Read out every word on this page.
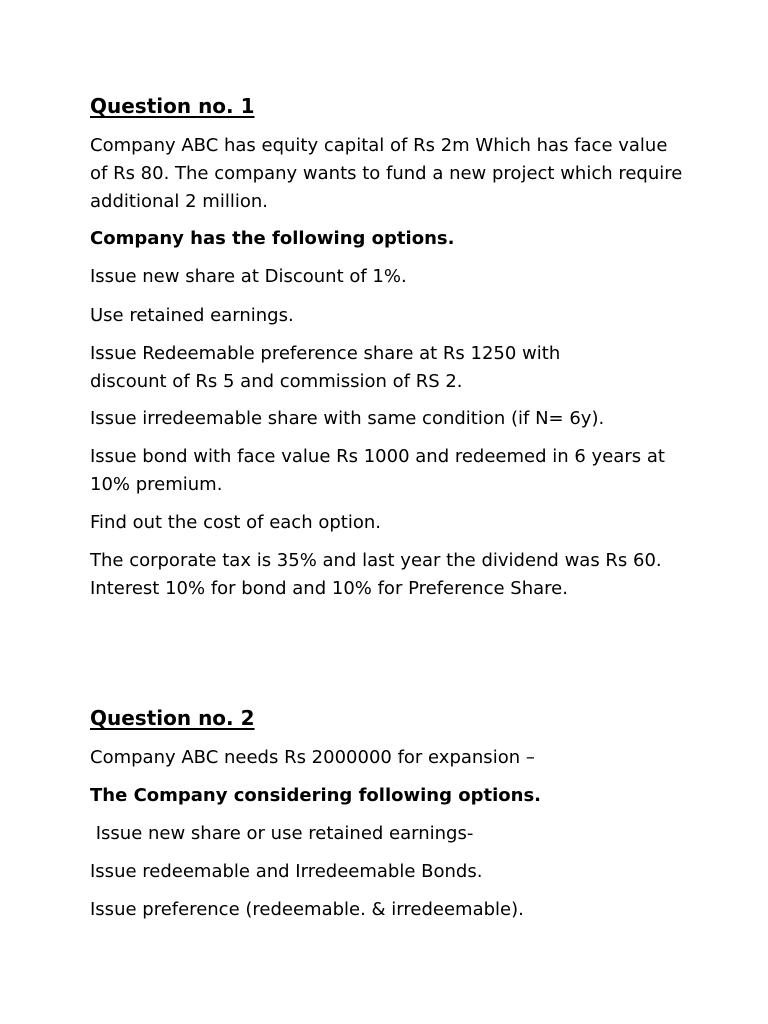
Question no. 1

Company ABC has equity capital of Rs 2m Which has face value of Rs 80. The company wants to fund a new project which require additional 2 million.

Company has the following options.

Issue new share at Discount of 1%.

Use retained earnings.

Issue Redeemable preference share at Rs 1250 with discount of Rs 5 and commission of RS 2.

Issue irredeemable share with same condition (if N= 6y).

Issue bond with face value Rs 1000 and redeemed in 6 years at 10% premium.

Find out the cost of each option.

The corporate tax is 35% and last year the dividend was Rs 60. Interest 10% for bond and 10% for Preference Share.

Question no. 2

Company ABC needs Rs 2000000 for expansion –

The Company considering following options.

Issue new share or use retained earnings-

Issue redeemable and Irredeemable Bonds.

Issue preference (redeemable. & irredeemable).
